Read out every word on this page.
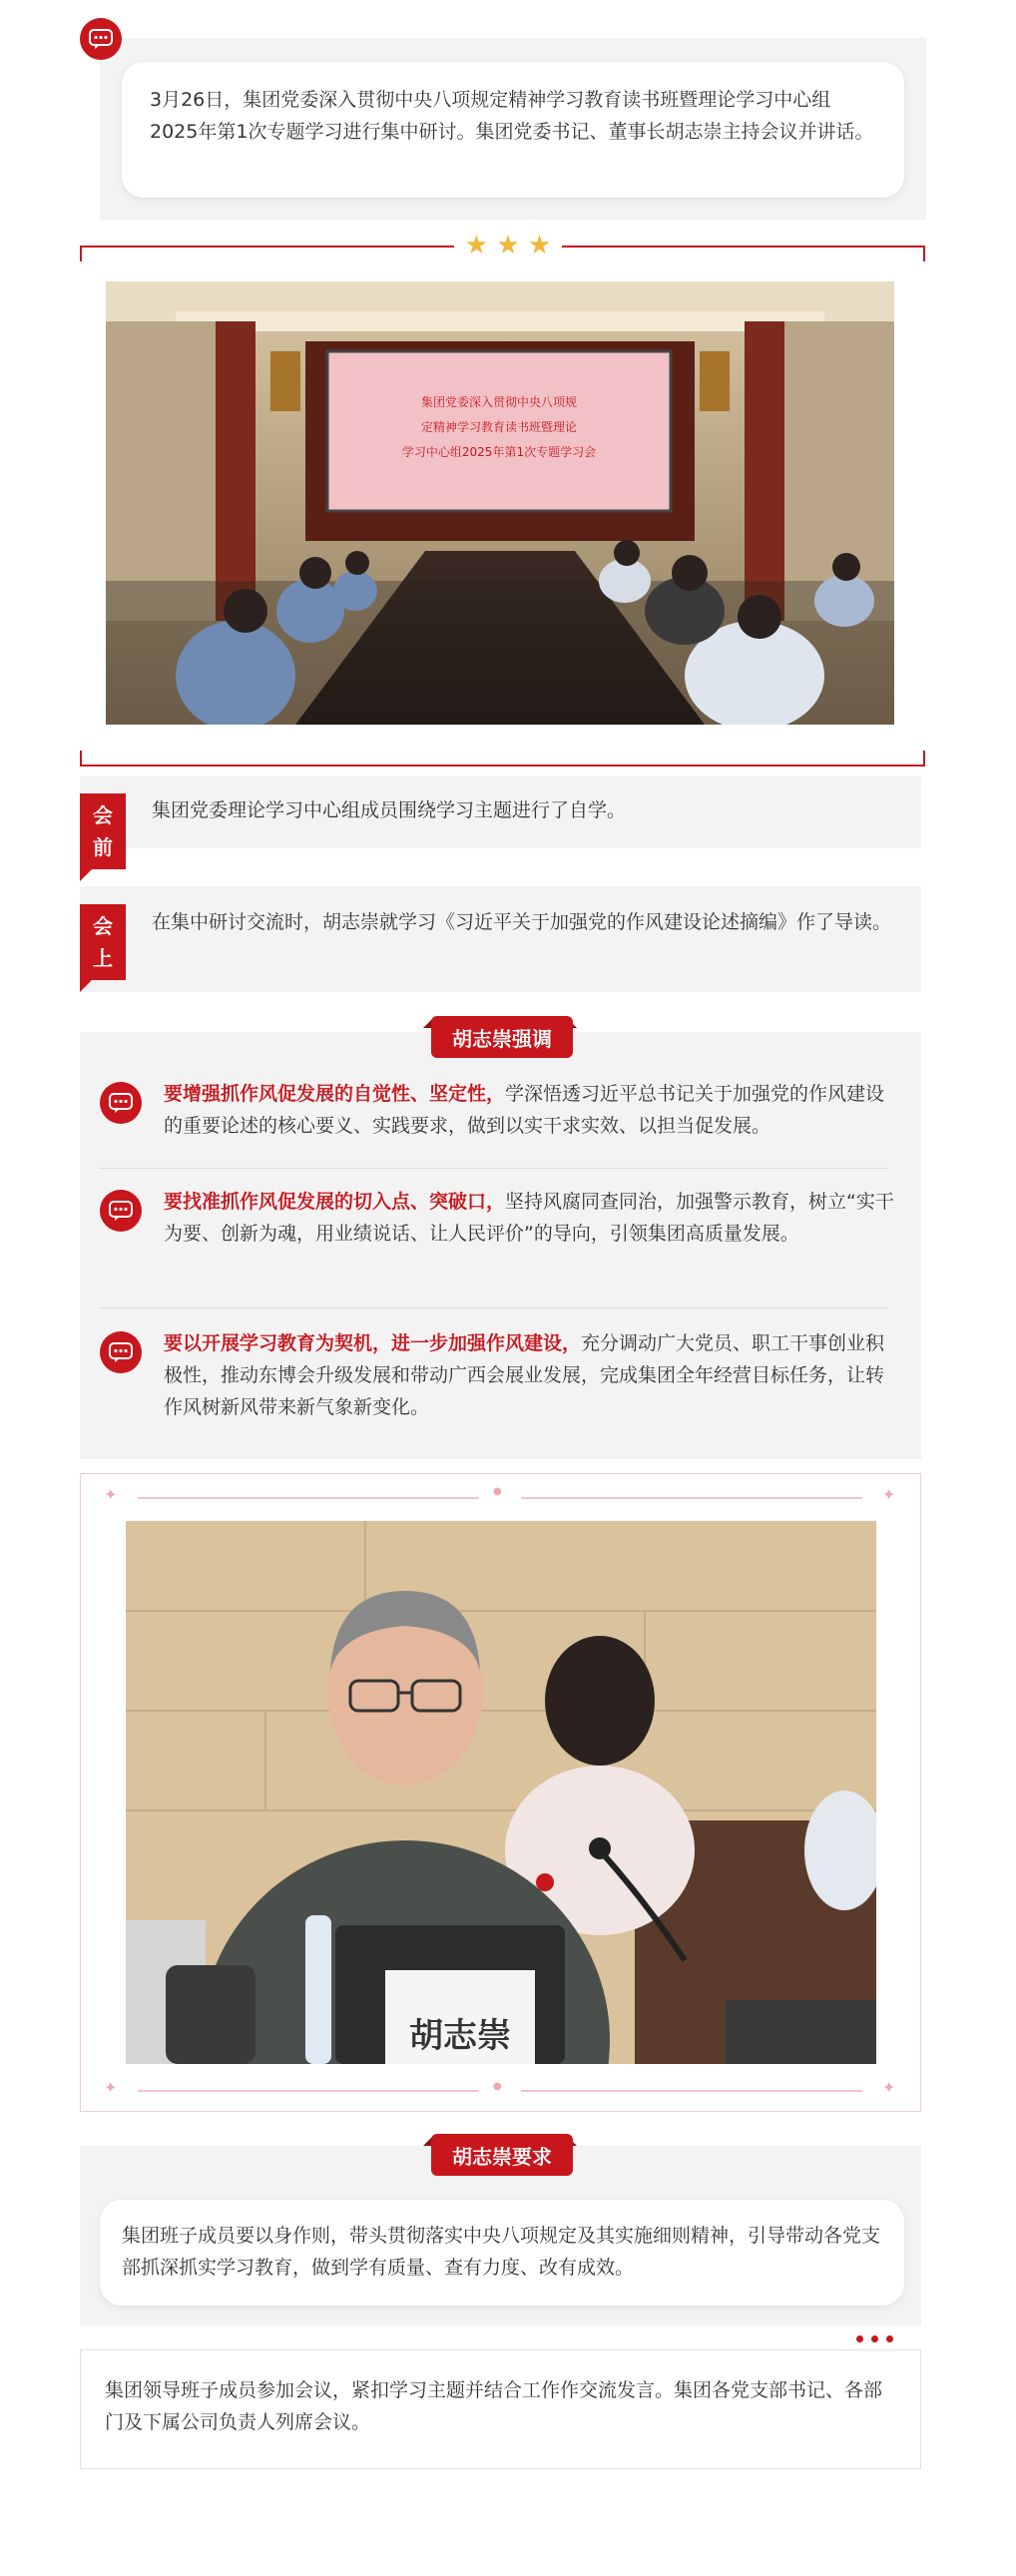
3月26日，集团党委深入贯彻中央八项规定精神学习教育读书班暨理论学习中心组2025年第1次专题学习进行集中研讨。集团党委书记、董事长胡志崇主持会议并讲话。
★ ★ ★
集团党委深入贯彻中央八项规
定精神学习教育读书班暨理论
学习中心组2025年第1次专题学习会
会
前
集团党委理论学习中心组成员围绕学习主题进行了自学。
会
上
在集中研讨交流时，胡志崇就学习《习近平关于加强党的作风建设论述摘编》作了导读。
胡志崇强调
要增强抓作风促发展的自觉性、坚定性，学深悟透习近平总书记关于加强党的作风建设的重要论述的核心要义、实践要求，做到以实干求实效、以担当促发展。
要找准抓作风促发展的切入点、突破口，坚持风腐同查同治，加强警示教育，树立“实干为要、创新为魂，用业绩说话、让人民评价”的导向，引领集团高质量发展。
要以开展学习教育为契机，进一步加强作风建设，充分调动广大党员、职工干事创业积极性，推动东博会升级发展和带动广西会展业发展，完成集团全年经营目标任务，让转作风树新风带来新气象新变化。
✦	✦
✦	✦
●
●
胡志崇
胡志崇要求
集团班子成员要以身作则，带头贯彻落实中央八项规定及其实施细则精神，引导带动各党支部抓深抓实学习教育，做到学有质量、查有力度、改有成效。
集团领导班子成员参加会议，紧扣学习主题并结合工作作交流发言。集团各党支部书记、各部门及下属公司负责人列席会议。
